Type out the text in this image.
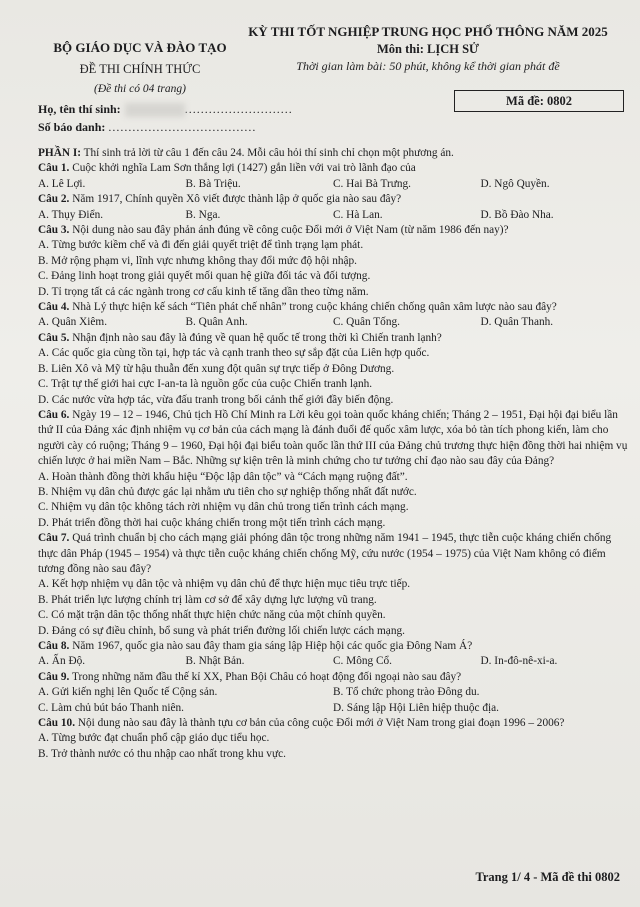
BỘ GIÁO DỤC VÀ ĐÀO TẠO
ĐỀ THI CHÍNH THỨC
(Đề thi có 04 trang)
KỲ THI TỐT NGHIỆP TRUNG HỌC PHỔ THÔNG NĂM 2025
Môn thi: LỊCH SỬ
Thời gian làm bài: 50 phút, không kể thời gian phát đề
Họ, tên thí sinh:	...........................
Số báo danh: .....................................
Mã đề: 0802

PHẦN I: Thí sinh trả lời từ câu 1 đến câu 24. Mỗi câu hỏi thí sinh chỉ chọn một phương án.

Câu 1. Cuộc khởi nghĩa Lam Sơn thắng lợi (1427) gắn liền với vai trò lãnh đạo của

A. Lê Lợi.	B. Bà Triệu.	C. Hai Bà Trưng.	D. Ngô Quyền.

Câu 2. Năm 1917, Chính quyền Xô viết được thành lập ở quốc gia nào sau đây?

A. Thụy Điển.	B. Nga.	C. Hà Lan.	D. Bồ Đào Nha.

Câu 3. Nội dung nào sau đây phản ánh đúng về công cuộc Đổi mới ở Việt Nam (từ năm 1986 đến nay)?

A. Từng bước kiềm chế và đi đến giải quyết triệt để tình trạng lạm phát.

B. Mở rộng phạm vi, lĩnh vực nhưng không thay đổi mức độ hội nhập.

C. Đảng linh hoạt trong giải quyết mối quan hệ giữa đối tác và đối tượng.

D. Tỉ trọng tất cả các ngành trong cơ cấu kinh tế tăng dần theo từng năm.

Câu 4. Nhà Lý thực hiện kế sách “Tiên phát chế nhân” trong cuộc kháng chiến chống quân xâm lược nào sau đây?

A. Quân Xiêm.	B. Quân Anh.	C. Quân Tống.	D. Quân Thanh.

Câu 5. Nhận định nào sau đây là đúng về quan hệ quốc tế trong thời kì Chiến tranh lạnh?

A. Các quốc gia cùng tồn tại, hợp tác và cạnh tranh theo sự sắp đặt của Liên hợp quốc.

B. Liên Xô và Mỹ từ hậu thuẫn đến xung đột quân sự trực tiếp ở Đông Dương.

C. Trật tự thế giới hai cực I-an-ta là nguồn gốc của cuộc Chiến tranh lạnh.

D. Các nước vừa hợp tác, vừa đấu tranh trong bối cảnh thế giới đầy biến động.

Câu 6. Ngày 19 – 12 – 1946, Chủ tịch Hồ Chí Minh ra Lời kêu gọi toàn quốc kháng chiến; Tháng 2 – 1951, Đại hội đại biểu lần thứ II của Đảng xác định nhiệm vụ cơ bản của cách mạng là đánh đuổi đế quốc xâm lược, xóa bỏ tàn tích phong kiến, làm cho người cày có ruộng; Tháng 9 – 1960, Đại hội đại biểu toàn quốc lần thứ III của Đảng chủ trương thực hiện đồng thời hai nhiệm vụ chiến lược ở hai miền Nam – Bắc. Những sự kiện trên là minh chứng cho tư tưởng chỉ đạo nào sau đây của Đảng?

A. Hoàn thành đồng thời khẩu hiệu “Độc lập dân tộc” và “Cách mạng ruộng đất”.

B. Nhiệm vụ dân chủ được gác lại nhằm ưu tiên cho sự nghiệp thống nhất đất nước.

C. Nhiệm vụ dân tộc không tách rời nhiệm vụ dân chủ trong tiến trình cách mạng.

D. Phát triển đồng thời hai cuộc kháng chiến trong một tiến trình cách mạng.

Câu 7. Quá trình chuẩn bị cho cách mạng giải phóng dân tộc trong những năm 1941 – 1945, thực tiễn cuộc kháng chiến chống thực dân Pháp (1945 – 1954) và thực tiễn cuộc kháng chiến chống Mỹ, cứu nước (1954 – 1975) của Việt Nam không có điểm tương đồng nào sau đây?

A. Kết hợp nhiệm vụ dân tộc và nhiệm vụ dân chủ để thực hiện mục tiêu trực tiếp.

B. Phát triển lực lượng chính trị làm cơ sở để xây dựng lực lượng vũ trang.

C. Có mặt trận dân tộc thống nhất thực hiện chức năng của một chính quyền.

D. Đảng có sự điều chỉnh, bổ sung và phát triển đường lối chiến lược cách mạng.

Câu 8. Năm 1967, quốc gia nào sau đây tham gia sáng lập Hiệp hội các quốc gia Đông Nam Á?

A. Ấn Độ.	B. Nhật Bản.	C. Mông Cổ.	D. In-đô-nê-xi-a.

Câu 9. Trong những năm đầu thế kỉ XX, Phan Bội Châu có hoạt động đối ngoại nào sau đây?

A. Gửi kiến nghị lên Quốc tế Cộng sản.	B. Tổ chức phong trào Đông du.
C. Làm chủ bút báo Thanh niên.	D. Sáng lập Hội Liên hiệp thuộc địa.

Câu 10. Nội dung nào sau đây là thành tựu cơ bản của công cuộc Đổi mới ở Việt Nam trong giai đoạn 1996 – 2006?

A. Từng bước đạt chuẩn phổ cập giáo dục tiểu học.

B. Trở thành nước có thu nhập cao nhất trong khu vực.

Trang 1/ 4 - Mã đề thi 0802
